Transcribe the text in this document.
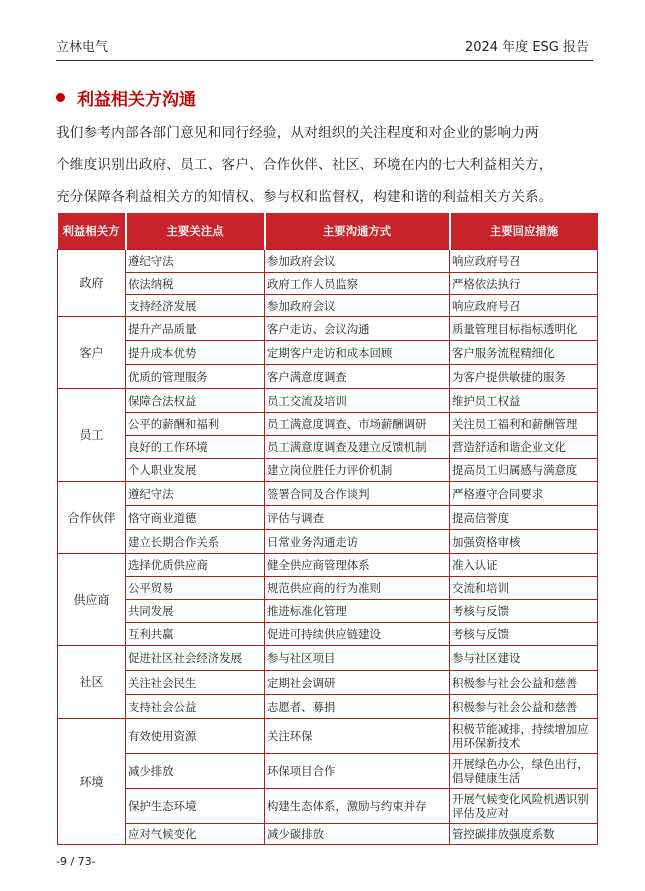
立林电气	2024 年度 ESG 报告
利益相关方沟通

我们参考内部各部门意见和同行经验，从对组织的关注程度和对企业的影响力两

个维度识别出政府、员工、客户、合作伙伴、社区、环境在内的七大利益相关方，

充分保障各利益相关方的知情权、参与权和监督权，构建和谐的利益相关方关系。

利益相关方	主要关注点	主要沟通方式	主要回应措施
政府	遵纪守法	参加政府会议	响应政府号召
	依法纳税	政府工作人员监察	严格依法执行
	支持经济发展	参加政府会议	响应政府号召
客户	提升产品质量	客户走访、会议沟通	质量管理目标指标透明化
	提升成本优势	定期客户走访和成本回顾	客户服务流程精细化
	优质的管理服务	客户满意度调查	为客户提供敏捷的服务
员工	保障合法权益	员工交流及培训	维护员工权益
	公平的薪酬和福利	员工满意度调查、市场薪酬调研	关注员工福利和薪酬管理
	良好的工作环境	员工满意度调查及建立反馈机制	营造舒适和谐企业文化
	个人职业发展	建立岗位胜任力评价机制	提高员工归属感与满意度
合作伙伴	遵纪守法	签署合同及合作谈判	严格遵守合同要求
	恪守商业道德	评估与调查	提高信誉度
	建立长期合作关系	日常业务沟通走访	加强资格审核
供应商	选择优质供应商	健全供应商管理体系	准入认证
	公平贸易	规范供应商的行为准则	交流和培训
	共同发展	推进标准化管理	考核与反馈
	互利共赢	促进可持续供应链建设	考核与反馈
社区	促进社区社会经济发展	参与社区项目	参与社区建设
	关注社会民生	定期社会调研	积极参与社会公益和慈善
	支持社会公益	志愿者、募捐	积极参与社会公益和慈善
环境	有效使用资源	关注环保	积极节能减排，持续增加应用环保新技术
	减少排放	环保项目合作	开展绿色办公，绿色出行，倡导健康生活
	保护生态环境	构建生态体系，激励与约束并存	开展气候变化风险机遇识别评估及应对
	应对气候变化	减少碳排放	管控碳排放强度系数
-9 / 73-
